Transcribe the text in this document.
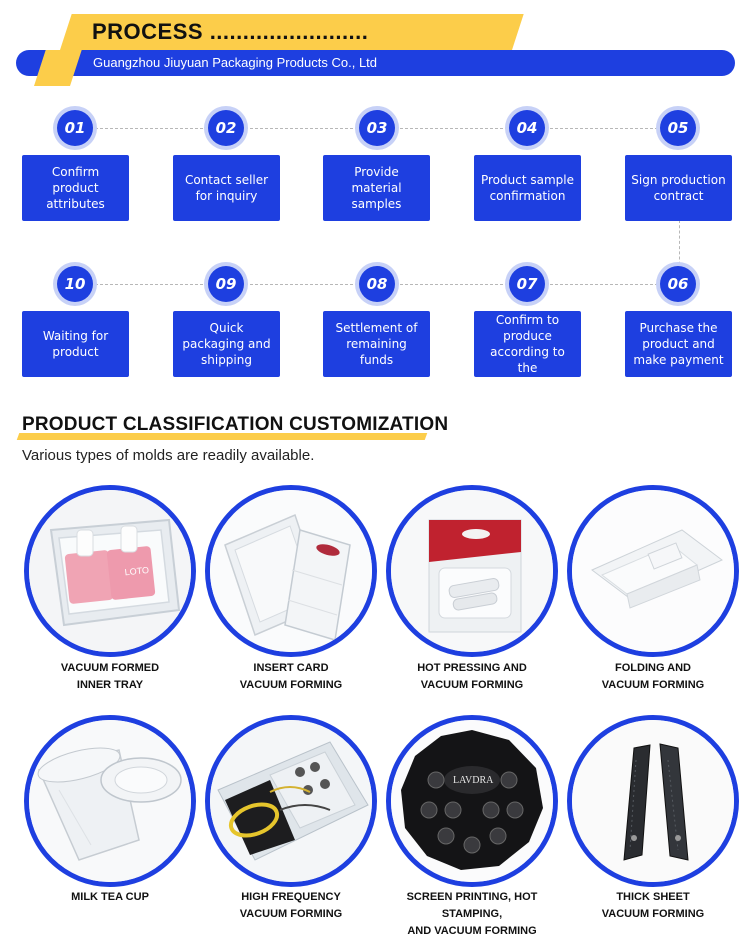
PROCESS ........................
Guangzhou Jiuyuan Packaging Products Co., Ltd
01
Confirm product attributes
02
Contact seller for inquiry
03
Provide material samples
04
Product sample confirmation
05
Sign production contract
06
Purchase the product and make payment
07
Confirm to produce according to the
08
Settlement of remaining funds
09
Quick packaging and shipping
10
Waiting for product
PRODUCT CLASSIFICATION CUSTOMIZATION
Various types of molds are readily available.
LOTO
VACUUM FORMED
INNER TRAY
INSERT CARD
VACUUM FORMING
HOT PRESSING AND
VACUUM FORMING
FOLDING AND
VACUUM FORMING
MILK TEA CUP	HIGH FREQUENCY
VACUUM FORMING
LAVDRA
SCREEN PRINTING, HOT STAMPING,
AND VACUUM FORMING
THICK SHEET
VACUUM FORMING
